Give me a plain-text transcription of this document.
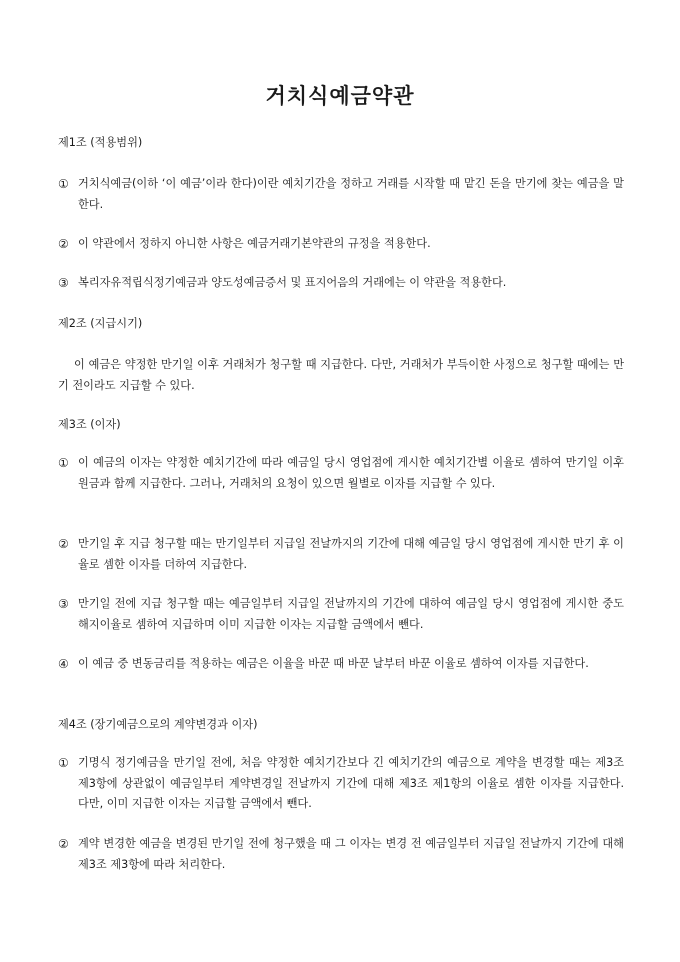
거치식예금약관
제1조 (적용범위)
① 거치식예금(이하 ‘이 예금’이라 한다)이란 예치기간을 정하고 거래를 시작할 때 맡긴 돈을 만기에 찾는 예금을 말한다.
② 이 약관에서 정하지 아니한 사항은 예금거래기본약관의 규정을 적용한다.
③ 복리자유적립식정기예금과 양도성예금증서 및 표지어음의 거래에는 이 약관을 적용한다.
제2조 (지급시기)
이 예금은 약정한 만기일 이후 거래처가 청구할 때 지급한다. 다만, 거래처가 부득이한 사정으로 청구할 때에는 만기 전이라도 지급할 수 있다.
제3조 (이자)
① 이 예금의 이자는 약정한 예치기간에 따라 예금일 당시 영업점에 게시한 예치기간별 이율로 셈하여 만기일 이후 원금과 함께 지급한다. 그러나, 거래처의 요청이 있으면 월별로 이자를 지급할 수 있다.
② 만기일 후 지급 청구할 때는 만기일부터 지급일 전날까지의 기간에 대해 예금일 당시 영업점에 게시한 만기 후 이율로 셈한 이자를 더하여 지급한다.
③ 만기일 전에 지급 청구할 때는 예금일부터 지급일 전날까지의 기간에 대하여 예금일 당시 영업점에 게시한 중도해지이율로 셈하여 지급하며 이미 지급한 이자는 지급할 금액에서 뺀다.
④ 이 예금 중 변동금리를 적용하는 예금은 이율을 바꾼 때 바꾼 날부터 바꾼 이율로 셈하여 이자를 지급한다.
제4조 (장기예금으로의 계약변경과 이자)
① 기명식 정기예금을 만기일 전에, 처음 약정한 예치기간보다 긴 예치기간의 예금으로 계약을 변경할 때는 제3조 제3항에 상관없이 예금일부터 계약변경일 전날까지 기간에 대해 제3조 제1항의 이율로 셈한 이자를 지급한다. 다만, 이미 지급한 이자는 지급할 금액에서 뺀다.
② 계약 변경한 예금을 변경된 만기일 전에 청구했을 때 그 이자는 변경 전 예금일부터 지급일 전날까지 기간에 대해 제3조 제3항에 따라 처리한다.
